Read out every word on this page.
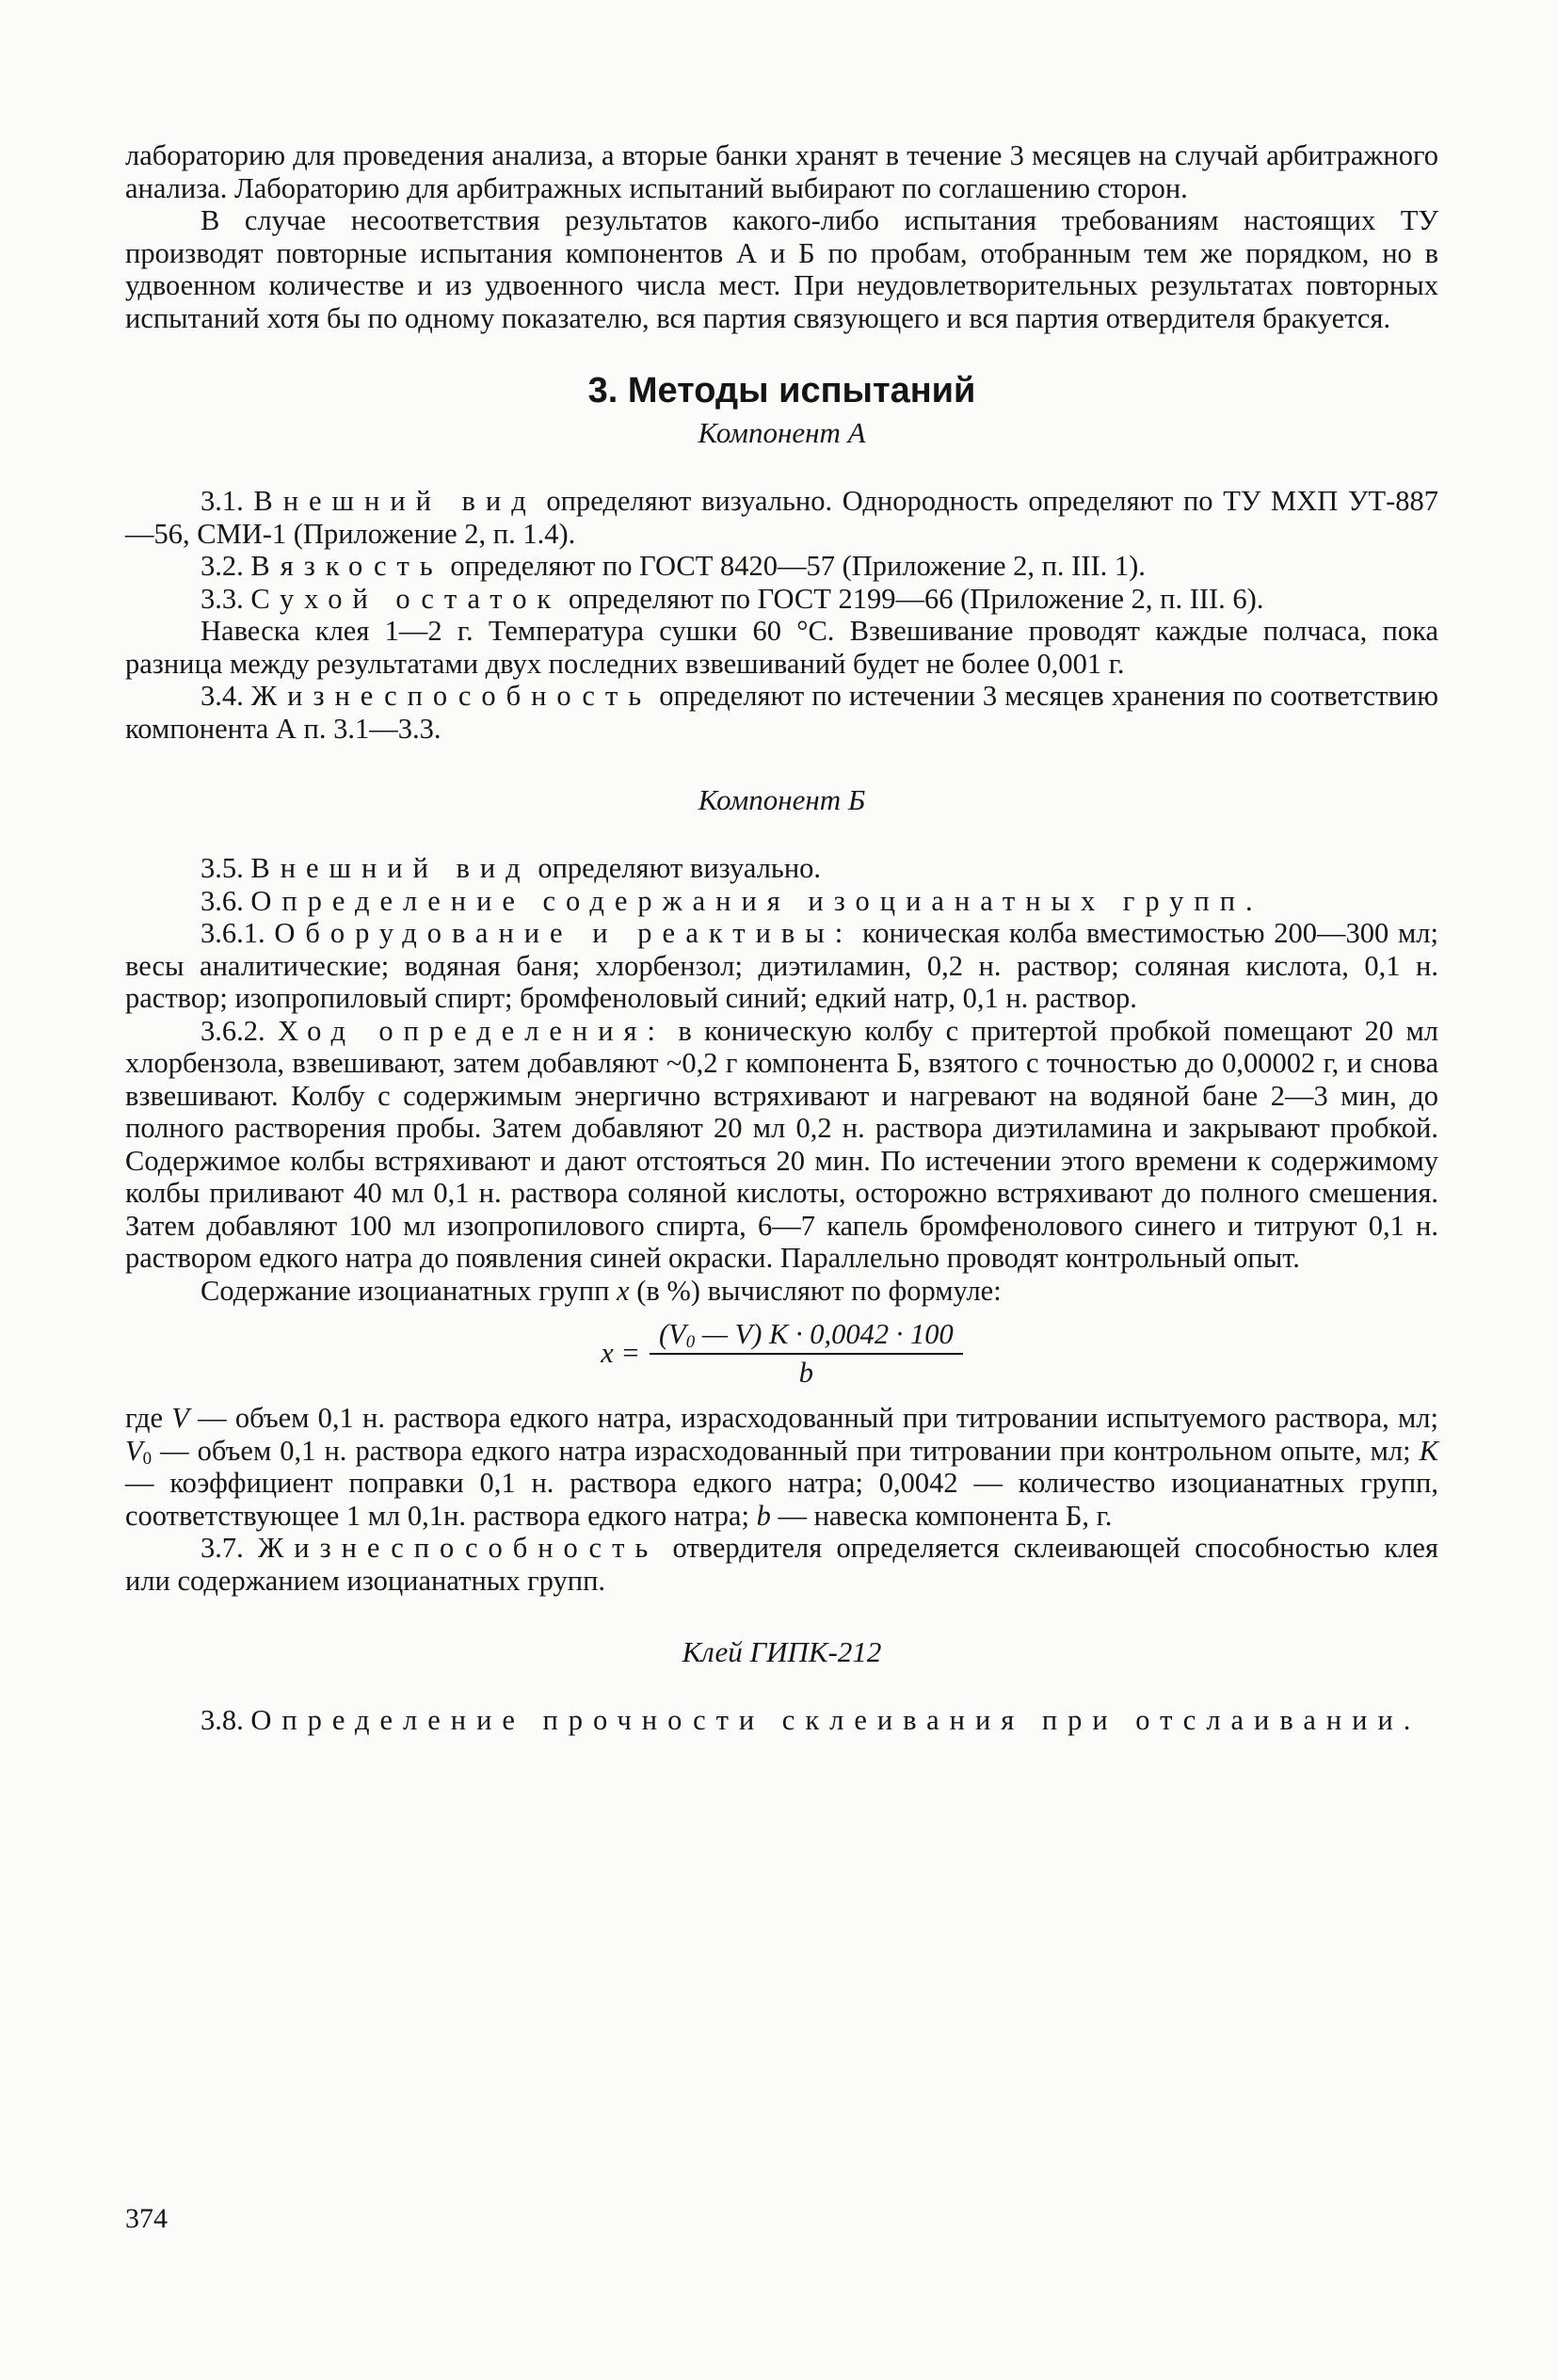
лабораторию для проведения анализа, а вторые банки хранят в течение 3 месяцев на случай арбитражного анализа. Лабораторию для арбитражных испытаний выбирают по соглашению сторон.

В случае несоответствия результатов какого-либо испытания требованиям настоящих ТУ производят повторные испытания компонентов А и Б по пробам, отобранным тем же порядком, но в удвоенном количестве и из удвоенного числа мест. При неудовлетворительных результатах повторных испытаний хотя бы по одному показателю, вся партия связующего и вся партия отвердителя бракуется.

3. Методы испытаний
Компонент А

3.1. Внешний вид определяют визуально. Однородность определяют по ТУ МХП УТ-887—56, СМИ-1 (Приложение 2, п. 1.4).

3.2. Вязкость определяют по ГОСТ 8420—57 (Приложение 2, п. III. 1).

3.3. Сухой остаток определяют по ГОСТ 2199—66 (Приложение 2, п. III. 6).

Навеска клея 1—2 г. Температура сушки 60 °С. Взвешивание проводят каждые полчаса, пока разница между результатами двух последних взвешиваний будет не более 0,001 г.

3.4. Жизнеспособность определяют по истечении 3 месяцев хранения по соответствию компонента А п. 3.1—3.3.

Компонент Б

3.5. Внешний вид определяют визуально.

3.6. Определение содержания изоцианатных групп.

3.6.1. Оборудование и реактивы: коническая колба вместимостью 200—300 мл; весы аналитические; водяная баня; хлорбензол; диэтиламин, 0,2 н. раствор; соляная кислота, 0,1 н. раствор; изопропиловый спирт; бромфеноловый синий; едкий натр, 0,1 н. раствор.

3.6.2. Ход определения: в коническую колбу с притертой пробкой помещают 20 мл хлорбензола, взвешивают, затем добавляют ~0,2 г компонента Б, взятого с точностью до 0,00002 г, и снова взвешивают. Колбу с содержимым энергично встряхивают и нагревают на водяной бане 2—3 мин, до полного растворения пробы. Затем добавляют 20 мл 0,2 н. раствора диэтиламина и закрывают пробкой. Содержимое колбы встряхивают и дают отстояться 20 мин. По истечении этого времени к содержимому колбы приливают 40 мл 0,1 н. раствора соляной кислоты, осторожно встряхивают до полного смешения. Затем добавляют 100 мл изопропилового спирта, 6—7 капель бромфенолового синего и титруют 0,1 н. раствором едкого натра до появления синей окраски. Параллельно проводят контрольный опыт.

Содержание изоцианатных групп x (в %) вычисляют по формуле:

$x = \frac{(V_0 — V) K \cdot 0,0042 \cdot 100}{b}$

где V — объем 0,1 н. раствора едкого натра, израсходованный при титровании испытуемого раствора, мл; $V_0$ — объем 0,1 н. раствора едкого натра израсходованный при титровании при контрольном опыте, мл; K — коэффициент поправки 0,1 н. раствора едкого натра; 0,0042 — количество изоцианатных групп, соответствующее 1 мл 0,1н. раствора едкого натра; b — навеска компонента Б, г.

3.7. Жизнеспособность отвердителя определяется склеивающей способностью клея или содержанием изоцианатных групп.

Клей ГИПК-212

3.8. Определение прочности склеивания при отслаивании.

374
